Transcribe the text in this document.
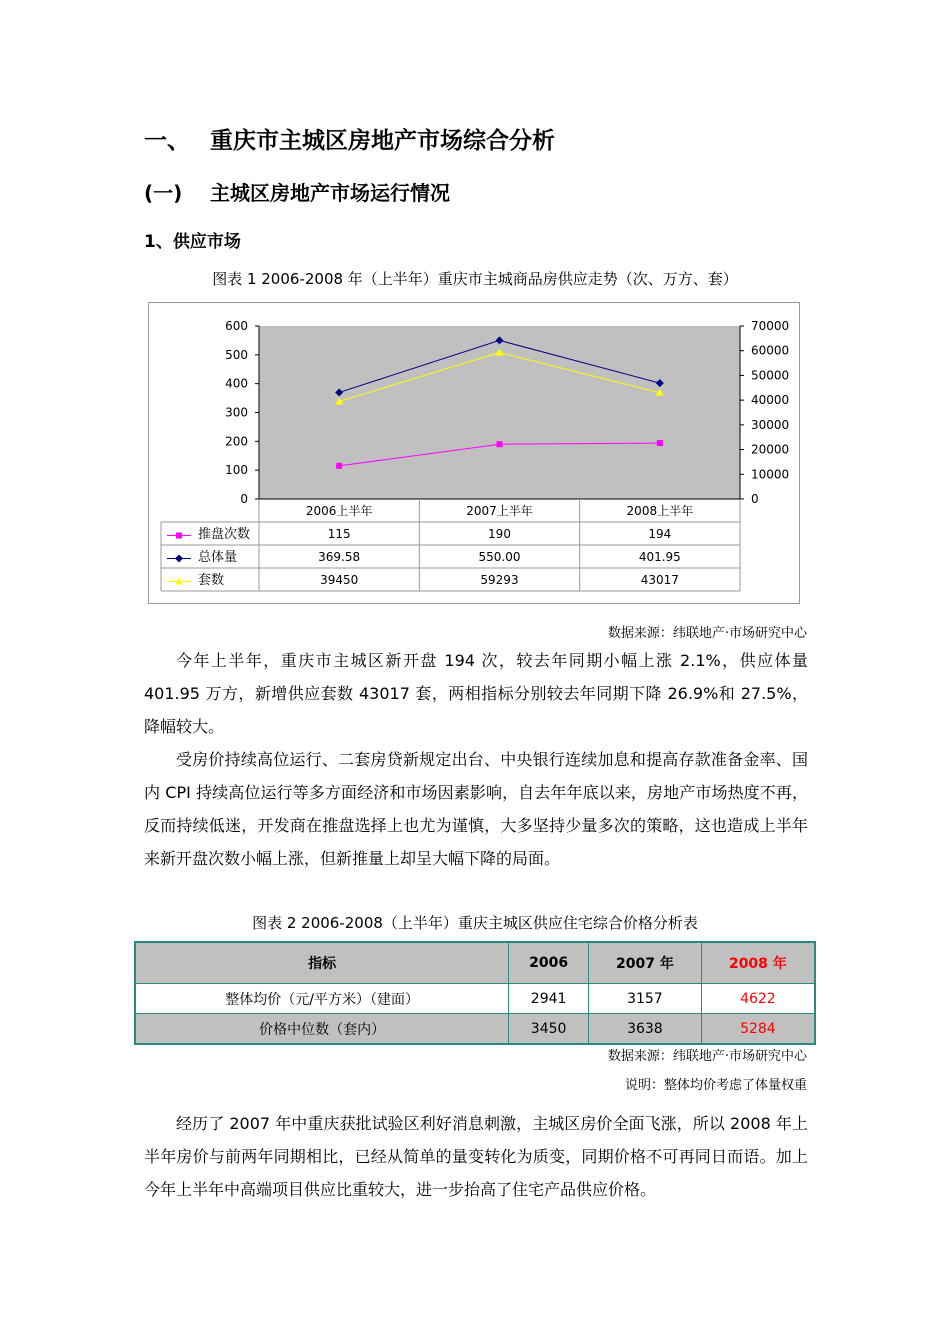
一、 重庆市主城区房地产市场综合分析
(一) 主城区房地产市场运行情况
1、供应市场
图表 1 2006-2008 年（上半年）重庆市主城商品房供应走势（次、万方、套）
600
500
400
300
200
100
0
70000
60000
50000
40000
30000
20000
10000
0
2006上半年	2007上半年	2008上半年
推盘次数	115	190	194
总体量	369.58	550.00	401.95
套数	39450	59293	43017
数据来源：纬联地产·市场研究中心

今年上半年，重庆市主城区新开盘 194 次，较去年同期小幅上涨 2.1%，供应体量 401.95 万方，新增供应套数 43017 套，两相指标分别较去年同期下降 26.9%和 27.5%，降幅较大。

受房价持续高位运行、二套房贷新规定出台、中央银行连续加息和提高存款准备金率、国内 CPI 持续高位运行等多方面经济和市场因素影响，自去年年底以来，房地产市场热度不再，反而持续低迷，开发商在推盘选择上也尤为谨慎，大多坚持少量多次的策略，这也造成上半年来新开盘次数小幅上涨，但新推量上却呈大幅下降的局面。

图表 2 2006-2008（上半年）重庆主城区供应住宅综合价格分析表
指标	2006	2007 年	2008 年
整体均价（元/平方米）（建面）	2941	3157	4622
价格中位数（套内）	3450	3638	5284
数据来源：纬联地产·市场研究中心
说明：整体均价考虑了体量权重

经历了 2007 年中重庆获批试验区利好消息刺激，主城区房价全面飞涨，所以 2008 年上半年房价与前两年同期相比，已经从简单的量变转化为质变，同期价格不可再同日而语。加上今年上半年中高端项目供应比重较大，进一步抬高了住宅产品供应价格。
